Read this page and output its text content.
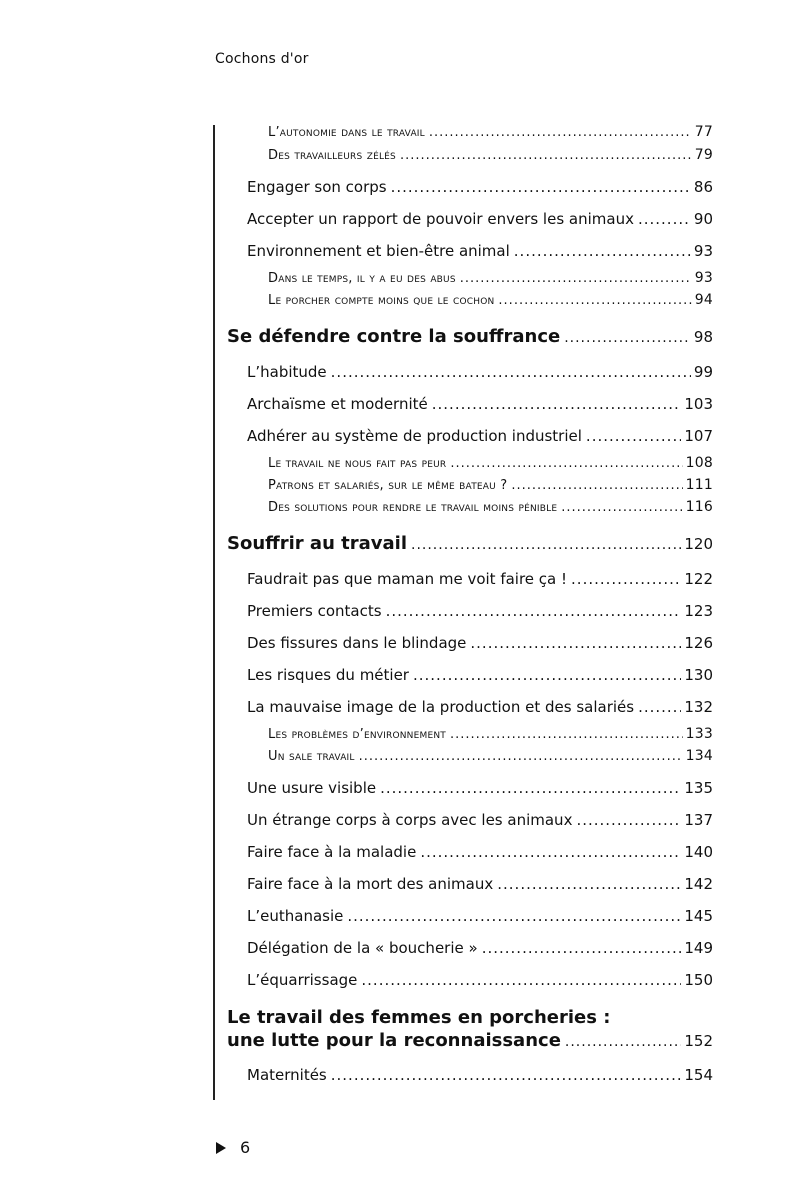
Cochons d'or
L’autonomie dans le travail .....	77
Des travailleurs zélés .....	79
Engager son corps .....	86
Accepter un rapport de pouvoir envers les animaux .....	90
Environnement et bien-être animal .....	93
Dans le temps, il y a eu des abus .....	93
Le porcher compte moins que le cochon .....	94
Se défendre contre la souffrance .....	98
L’habitude .....	99
Archaïsme et modernité .....	103
Adhérer au système de production industriel .....	107
Le travail ne nous fait pas peur .....	108
Patrons et salariés, sur le même bateau ? .....	111
Des solutions pour rendre le travail moins pénible .....	116
Souffrir au travail .....	120
Faudrait pas que maman me voit faire ça ! .....	122
Premiers contacts .....	123
Des fissures dans le blindage .....	126
Les risques du métier .....	130
La mauvaise image de la production et des salariés .....	132
Les problèmes d’environnement .....	133
Un sale travail .....	134
Une usure visible .....	135
Un étrange corps à corps avec les animaux .....	137
Faire face à la maladie .....	140
Faire face à la mort des animaux .....	142
L’euthanasie .....	145
Délégation de la « boucherie » .....	149
L’équarrissage .....	150
Le travail des femmes en porcheries :
une lutte pour la reconnaissance .....	152
Maternités .....	154
6
